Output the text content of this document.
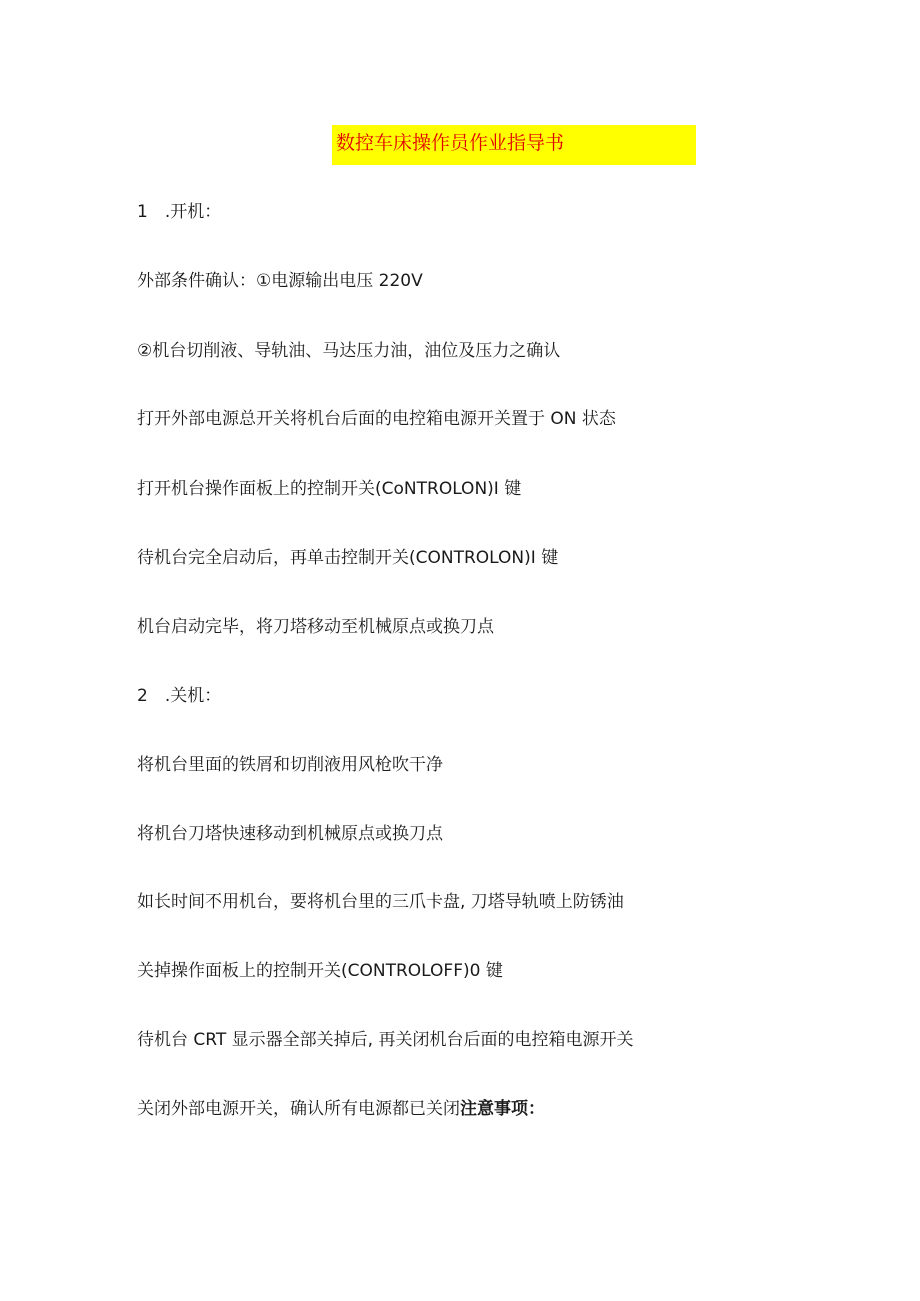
数控车床操作员作业指导书
1　.开机：
外部条件确认：①电源输出电压 220V
②机台切削液、导轨油、马达压力油，油位及压力之确认
打开外部电源总开关将机台后面的电控箱电源开关置于 ON 状态
打开机台操作面板上的控制开关(CoNTROLON)I 键
待机台完全启动后，再单击控制开关(CONTROLON)I 键
机台启动完毕，将刀塔移动至机械原点或换刀点
2　.关机：
将机台里面的铁屑和切削液用风枪吹干净
将机台刀塔快速移动到机械原点或换刀点
如长时间不用机台，要将机台里的三爪卡盘, 刀塔导轨喷上防锈油
关掉操作面板上的控制开关(CONTROLOFF)0 键
待机台 CRT 显示器全部关掉后, 再关闭机台后面的电控箱电源开关
关闭外部电源开关，确认所有电源都已关闭注意事项：
